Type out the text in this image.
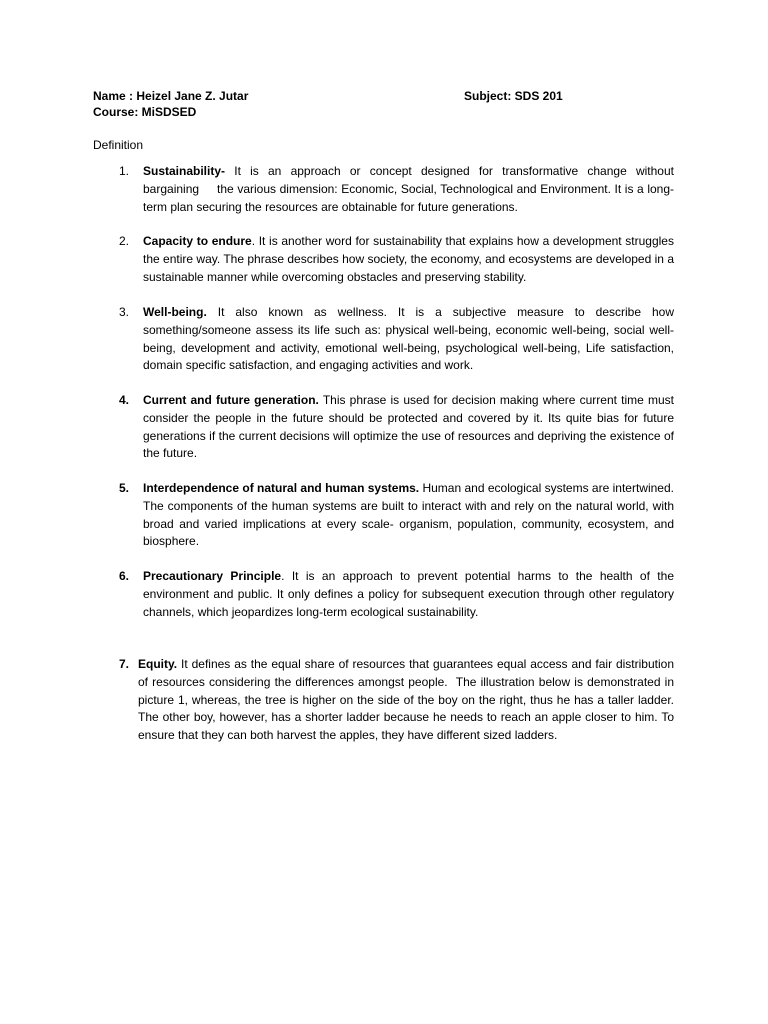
Name : Heizel Jane Z. Jutar	Subject: SDS 201
Course: MiSDSED
Definition
1. Sustainability- It is an approach or concept designed for transformative change without bargaining     the various dimension: Economic, Social, Technological and Environment. It is a long-term plan securing the resources are obtainable for future generations.
2. Capacity to endure. It is another word for sustainability that explains how a development struggles the entire way. The phrase describes how society, the economy, and ecosystems are developed in a sustainable manner while overcoming obstacles and preserving stability.
3. Well-being. It also known as wellness. It is a subjective measure to describe how something/someone assess its life such as: physical well-being, economic well-being, social well-being, development and activity, emotional well-being, psychological well-being, Life satisfaction, domain specific satisfaction, and engaging activities and work.
4. Current and future generation. This phrase is used for decision making where current time must consider the people in the future should be protected and covered by it. Its quite bias for future generations if the current decisions will optimize the use of resources and depriving the existence of the future.
5. Interdependence of natural and human systems. Human and ecological systems are intertwined. The components of the human systems are built to interact with and rely on the natural world, with broad and varied implications at every scale- organism, population, community, ecosystem, and biosphere.
6. Precautionary Principle. It is an approach to prevent potential harms to the health of the environment and public. It only defines a policy for subsequent execution through other regulatory channels, which jeopardizes long-term ecological sustainability.
7. Equity. It defines as the equal share of resources that guarantees equal access and fair distribution of resources considering the differences amongst people.  The illustration below is demonstrated in picture 1, whereas, the tree is higher on the side of the boy on the right, thus he has a taller ladder. The other boy, however, has a shorter ladder because he needs to reach an apple closer to him. To ensure that they can both harvest the apples, they have different sized ladders.
